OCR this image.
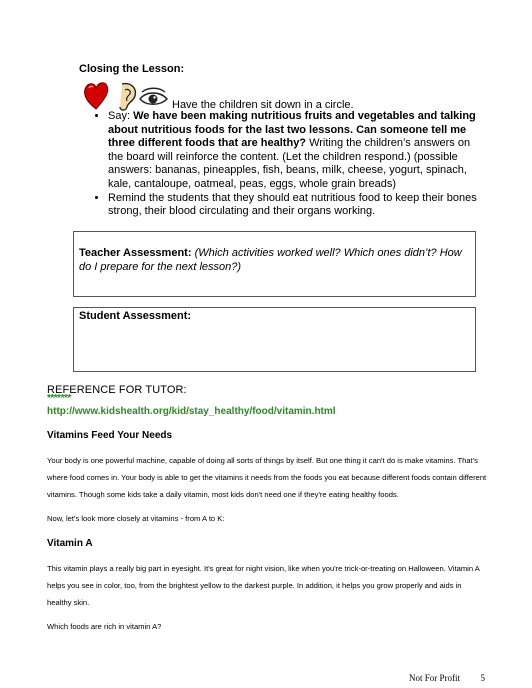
Closing the Lesson:
Have the children sit down in a circle.
• Say: We have been making nutritious fruits and vegetables and talking about nutritious foods for the last two lessons. Can someone tell me three different foods that are healthy? Writing the children’s answers on the board will reinforce the content. (Let the children respond.) (possible answers: bananas, pineapples, fish, beans, milk, cheese, yogurt, spinach, kale, cantaloupe, oatmeal, peas, eggs, whole grain breads)
• Remind the students that they should eat nutritious food to keep their bones strong, their blood circulating and their organs working.
Teacher Assessment: (Which activities worked well? Which ones didn’t? How do I prepare for the next lesson?)
Student Assessment:
REFERENCE FOR TUTOR:
*******
http://www.kidshealth.org/kid/stay_healthy/food/vitamin.html
Vitamins Feed Your Needs
Your body is one powerful machine, capable of doing all sorts of things by itself. But one thing it can't do is make vitamins. That's where food comes in. Your body is able to get the vitamins it needs from the foods you eat because different foods contain different vitamins. Though some kids take a daily vitamin, most kids don't need one if they're eating healthy foods.
Now, let's look more closely at vitamins - from A to K:
Vitamin A
This vitamin plays a really big part in eyesight. It's great for night vision, like when you're trick-or-treating on Halloween. Vitamin A helps you see in color, too, from the brightest yellow to the darkest purple. In addition, it helps you grow properly and aids in healthy skin.
Which foods are rich in vitamin A?
Not For Profit 5
